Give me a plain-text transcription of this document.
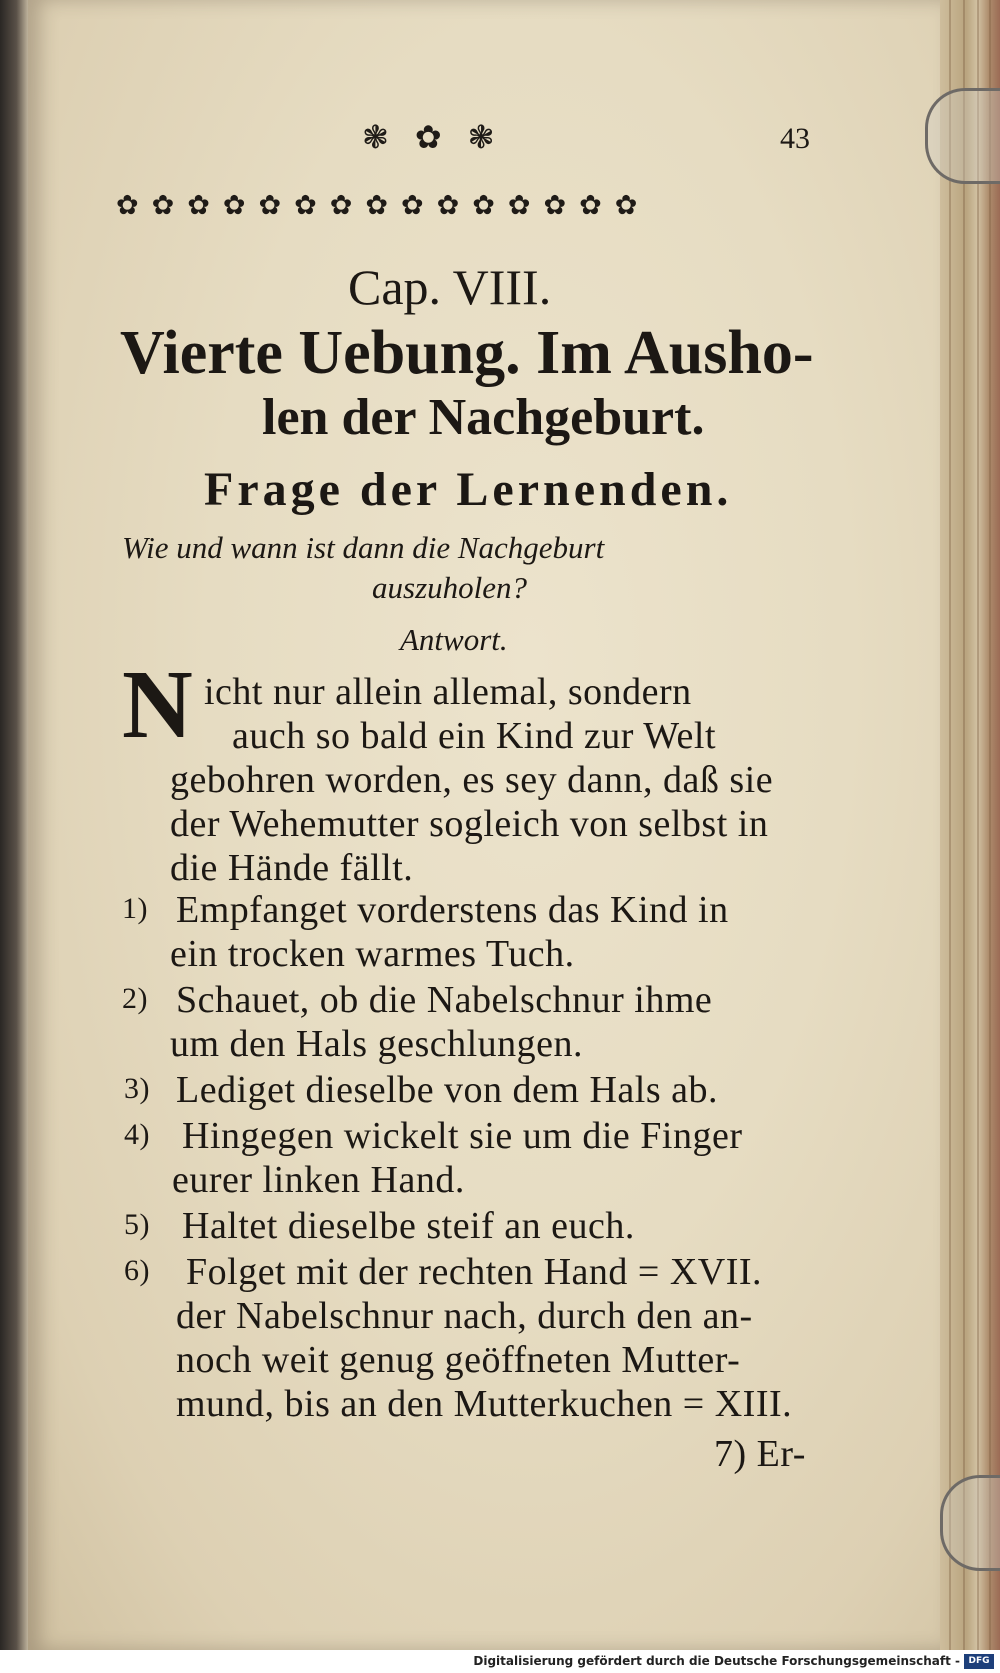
❃✿❃	43
✿✿✿✿✿✿✿✿✿✿✿✿✿✿✿
Cap. VIII.
Vierte Uebung. Im Ausho-
len der Nachgeburt.
Frage der Lernenden.
Wie und wann ist dann die Nachgeburt
auszuholen?
Antwort.
N icht nur allein allemal, sondern
auch so bald ein Kind zur Welt
gebohren worden, es sey dann, daß sie
der Wehemutter sogleich von selbst in
die Hände fällt.
1) Empfanget vorderstens das Kind in
ein trocken warmes Tuch.
2) Schauet, ob die Nabelschnur ihme
um den Hals geschlungen.
3) Lediget dieselbe von dem Hals ab.
4) Hingegen wickelt sie um die Finger
eurer linken Hand.
5) Haltet dieselbe steif an euch.
6) Folget mit der rechten Hand = XVII.
der Nabelschnur nach, durch den an-
noch weit genug geöffneten Mutter-
mund, bis an den Mutterkuchen = XIII.
7) Er-
Digitalisierung gefördert durch die Deutsche Forschungsgemeinschaft - DFG
